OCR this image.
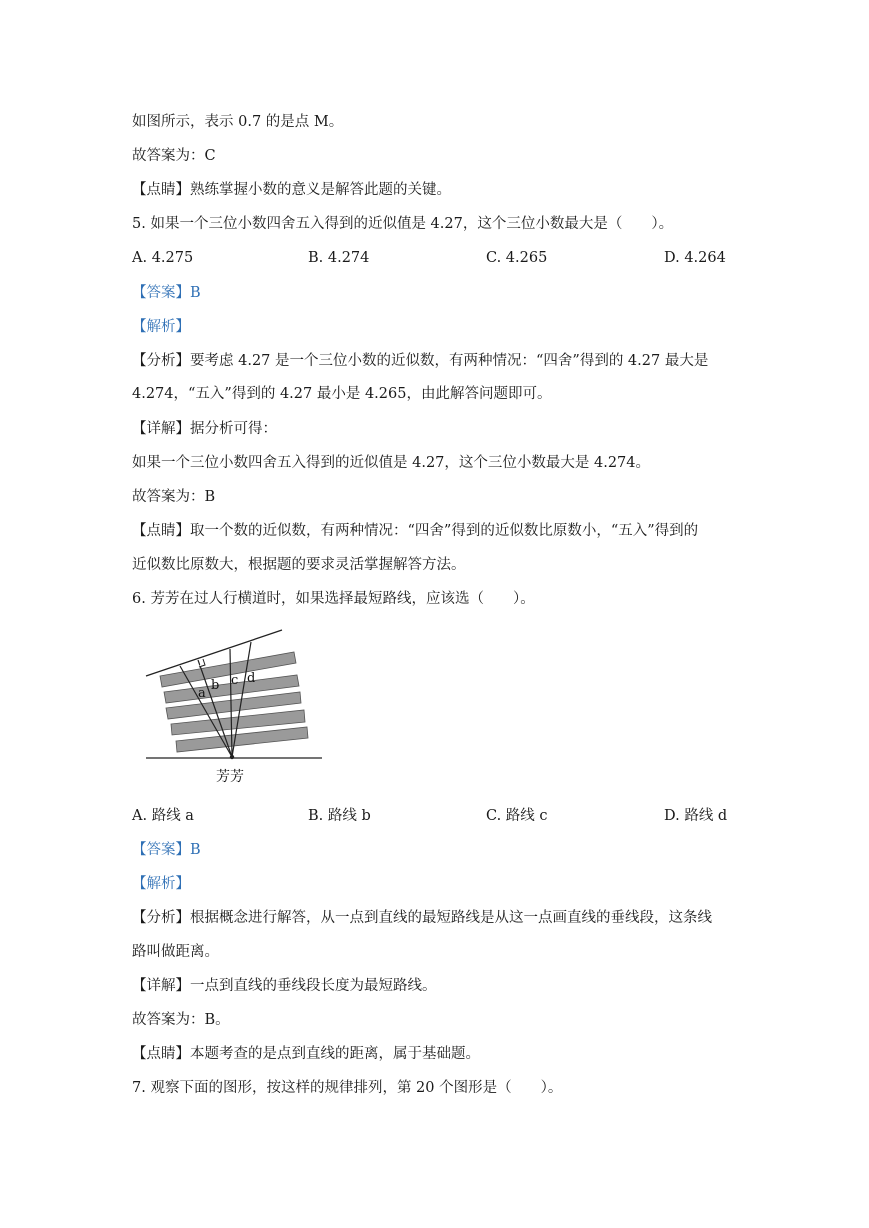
如图所示，表示 0.7 的是点 M。
故答案为：C
【点睛】熟练掌握小数的意义是解答此题的关键。
5. 如果一个三位小数四舍五入得到的近似值是 4.27，这个三位小数最大是（　　）。
A. 4.275	B. 4.274	C. 4.265	D. 4.264
【答案】B
【解析】
【分析】要考虑 4.27 是一个三位小数的近似数，有两种情况：“四舍”得到的 4.27 最大是
4.274，“五入”得到的 4.27 最小是 4.265，由此解答问题即可。
【详解】据分析可得：
如果一个三位小数四舍五入得到的近似值是 4.27，这个三位小数最大是 4.274。
故答案为：B
【点睛】取一个数的近似数，有两种情况：“四舍”得到的近似数比原数小，“五入”得到的
近似数比原数大，根据题的要求灵活掌握解答方法。
6. 芳芳在过人行横道时，如果选择最短路线，应该选（　　）。
a
b c d
芳芳
A. 路线 a	B. 路线 b	C. 路线 c	D. 路线 d
【答案】B
【解析】
【分析】根据概念进行解答，从一点到直线的最短路线是从这一点画直线的垂线段，这条线
路叫做距离。
【详解】一点到直线的垂线段长度为最短路线。
故答案为：B。
【点睛】本题考查的是点到直线的距离，属于基础题。
7. 观察下面的图形，按这样的规律排列，第 20 个图形是（　　）。
